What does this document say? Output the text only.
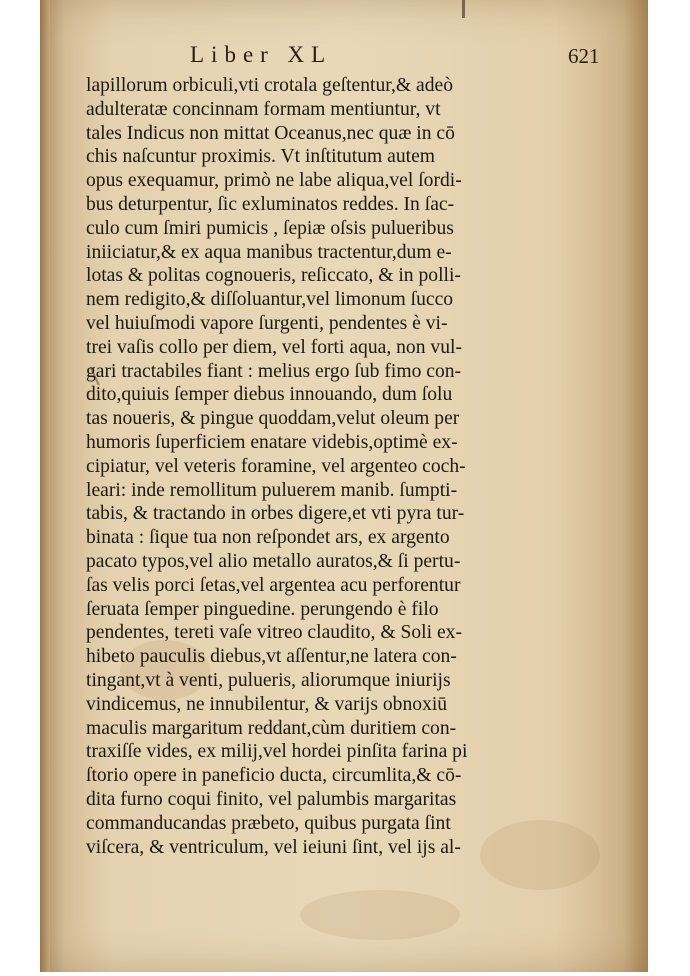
Liber XL	621
lapillorum orbiculi,vti crotala geſtentur,& adeò
adulteratæ concinnam formam mentiuntur, vt
tales Indicus non mittat Oceanus,nec quæ in cō
chis naſcuntur proximis. Vt inſtitutum autem
opus exequamur, primò ne labe aliqua,vel ſordi-
bus deturpentur, ſic exluminatos reddes. In ſac-
culo cum ſmiri pumicis , ſepiæ oſsis pulueribus
iniiciatur,& ex aqua manibus tractentur,dum e-
lotas & politas cognoueris, reſiccato, & in polli-
nem redigito,& diſſoluantur,vel limonum ſucco
vel huiuſmodi vapore ſurgenti, pendentes è vi-
trei vaſis collo per diem, vel forti aqua, non vul-
gari tractabiles fiant : melius ergo ſub fimo con-
dito,quiuis ſemper diebus innouando, dum ſolu
tas noueris, & pingue quoddam,velut oleum per
humoris ſuperficiem enatare videbis,optimè ex-
cipiatur, vel veteris foramine, vel argenteo coch-
leari: inde remollitum puluerem manib. ſumpti-
tabis, & tractando in orbes digere,et vti pyra tur-
binata : ſique tua non reſpondet ars, ex argento
pacato typos,vel alio metallo auratos,& ſi pertu-
ſas velis porci ſetas,vel argentea acu perforentur
ſeruata ſemper pinguedine. perungendo è filo
pendentes, tereti vaſe vitreo claudito, & Soli ex-
hibeto pauculis diebus,vt aſſentur,ne latera con-
tingant,vt à venti, pulueris, aliorumque iniurijs
vindicemus, ne innubilentur, & varijs obnoxiū
maculis margaritum reddant,cùm duritiem con-
traxiſſe vides, ex milij,vel hordei pinſita farina pi
ſtorio opere in paneficio ducta, circumlita,& cō-
dita furno coqui finito, vel palumbis margaritas
commanducandas præbeto, quibus purgata ſint
viſcera, & ventriculum, vel ieiuni ſint, vel ijs al-
